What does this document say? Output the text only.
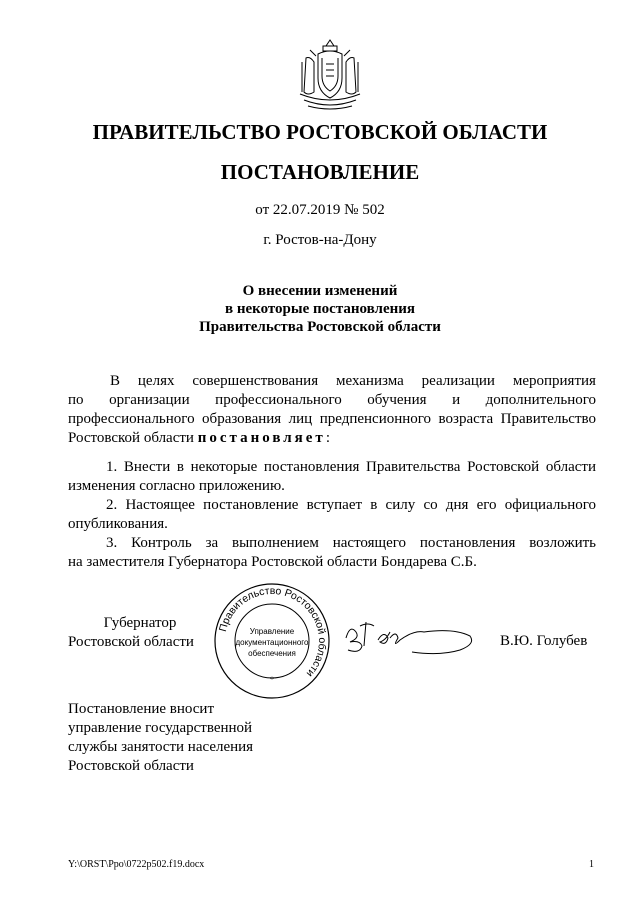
ПРАВИТЕЛЬСТВО РОСТОВСКОЙ ОБЛАСТИ
ПОСТАНОВЛЕНИЕ
от 22.07.2019 № 502
г. Ростов-на-Дону
О внесении изменений
в некоторые постановления
Правительства Ростовской области
В целях совершенствования механизма реализации мероприятия
по организации профессионального обучения и дополнительного
профессионального образования лиц предпенсионного возраста Правительство
Ростовской области постановляет:
1. Внести в некоторые постановления Правительства Ростовской области
изменения согласно приложению.
2. Настоящее постановление вступает в силу со дня его официального
опубликования.
3. Контроль за выполнением настоящего постановления возложить
на заместителя Губернатора Ростовской области Бондарева С.Б.
Губернатор
Ростовской области
Правительство Ростовской области
*
Управление
документационного
обеспечения
В.Ю. Голубев
Постановление вносит
управление государственной
службы занятости населения
Ростовской области
Y:\ORST\Ppo\0722p502.f19.docx	1
